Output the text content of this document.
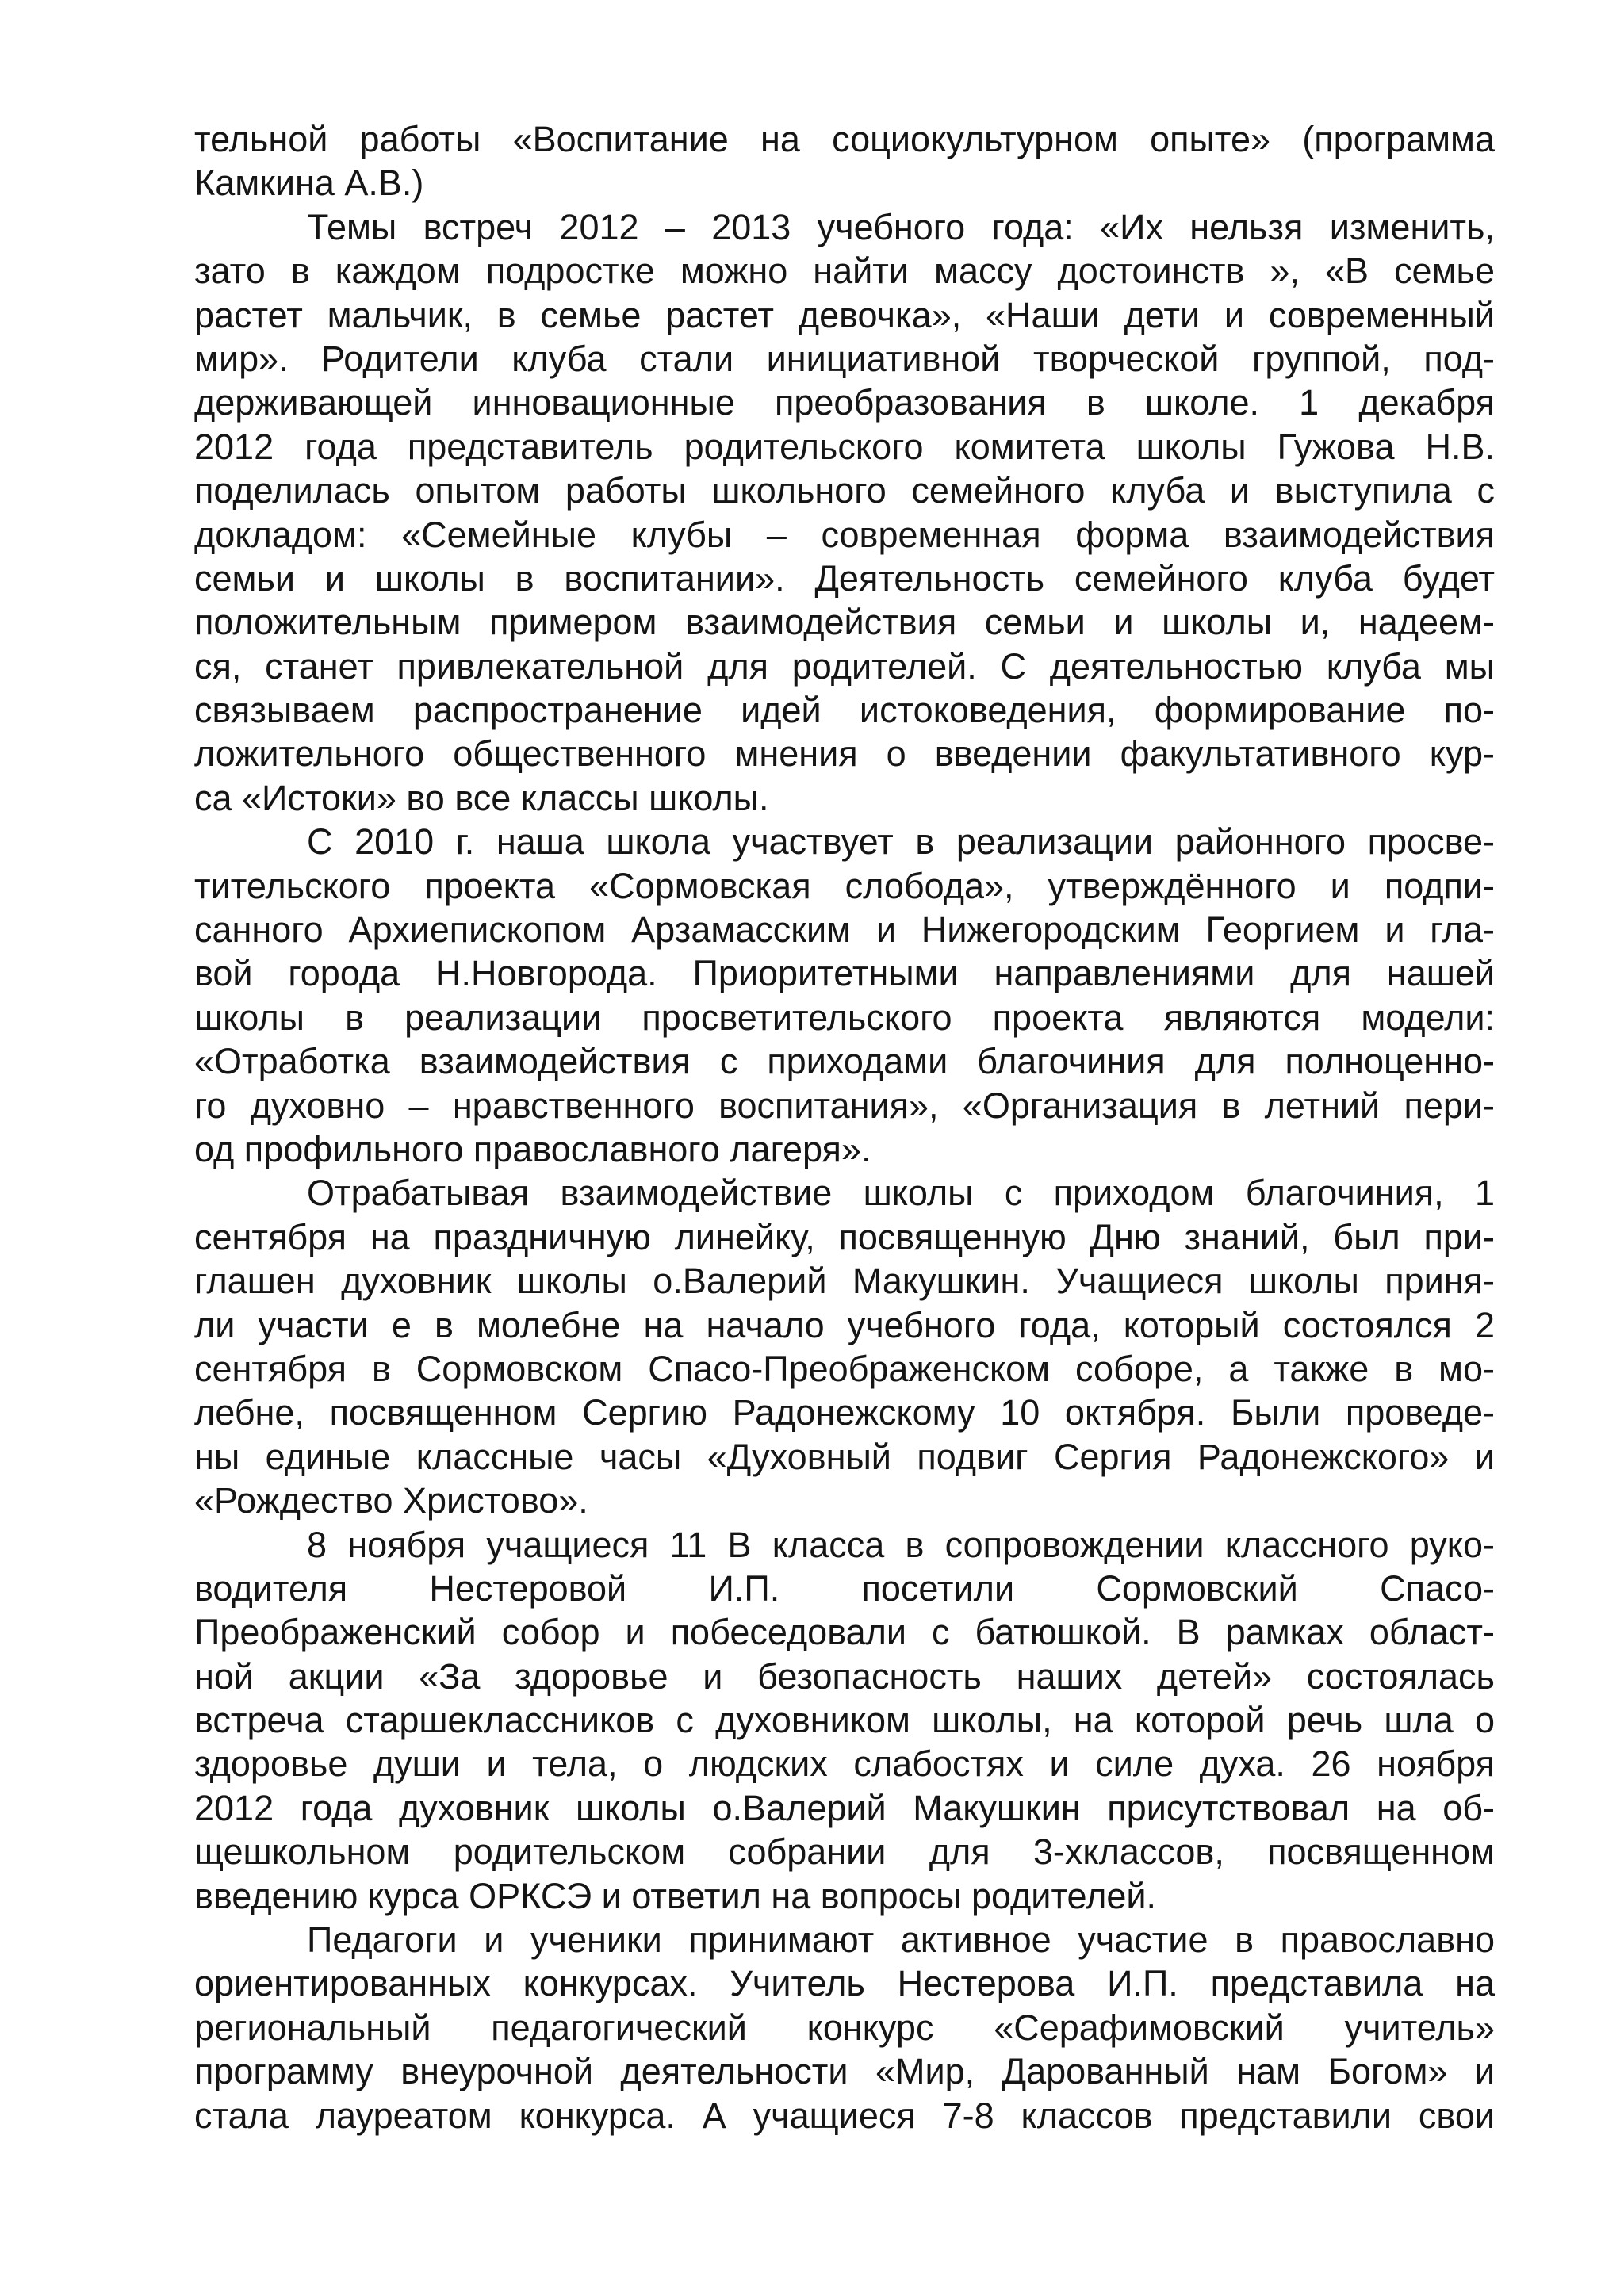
тельной работы «Воспитание на социокультурном опыте» (программа
Камкина А.В.)
Темы встреч 2012 – 2013 учебного года: «Их нельзя изменить,
зато в каждом подростке можно найти массу достоинств », «В семье
растет мальчик, в семье растет девочка», «Наши дети и современный
мир». Родители клуба стали инициативной творческой группой, под-
держивающей инновационные преобразования в школе. 1 декабря
2012 года представитель родительского комитета школы Гужова Н.В.
поделилась опытом работы школьного семейного клуба и выступила с
докладом: «Семейные клубы – современная форма взаимодействия
семьи и школы в воспитании». Деятельность семейного клуба будет
положительным примером взаимодействия семьи и школы и, надеем-
ся, станет привлекательной для родителей. С деятельностью клуба мы
связываем распространение идей истоковедения, формирование по-
ложительного общественного мнения о введении факультативного кур-
са «Истоки» во все классы школы.
С 2010 г. наша школа участвует в реализации районного просве-
тительского проекта «Сормовская слобода», утверждённого и подпи-
санного Архиепископом Арзамасским и Нижегородским Георгием и гла-
вой города Н.Новгорода. Приоритетными направлениями для нашей
школы в реализации просветительского проекта являются модели:
«Отработка взаимодействия с приходами благочиния для полноценно-
го духовно – нравственного воспитания», «Организация в летний пери-
од профильного православного лагеря».
Отрабатывая взаимодействие школы с приходом благочиния, 1
сентября на праздничную линейку, посвященную Дню знаний, был при-
глашен духовник школы о.Валерий Макушкин. Учащиеся школы приня-
ли участи е в молебне на начало учебного года, который состоялся 2
сентября в Сормовском Спасо-Преображенском соборе, а также в мо-
лебне, посвященном Сергию Радонежскому 10 октября. Были проведе-
ны единые классные часы «Духовный подвиг Сергия Радонежского» и
«Рождество Христово».
8 ноября учащиеся 11 В класса в сопровождении классного руко-
водителя Нестеровой И.П. посетили Сормовский Спасо-
Преображенский собор и побеседовали с батюшкой. В рамках област-
ной акции «За здоровье и безопасность наших детей» состоялась
встреча старшеклассников с духовником школы, на которой речь шла о
здоровье души и тела, о людских слабостях и силе духа. 26 ноября
2012 года духовник школы о.Валерий Макушкин присутствовал на об-
щешкольном родительском собрании для 3-хклассов, посвященном
введению курса ОРКСЭ и ответил на вопросы родителей.
Педагоги и ученики принимают активное участие в православно
ориентированных конкурсах. Учитель Нестерова И.П. представила на
региональный педагогический конкурс «Серафимовский учитель»
программу внеурочной деятельности «Мир, Дарованный нам Богом» и
стала лауреатом конкурса. А учащиеся 7-8 классов представили свои
